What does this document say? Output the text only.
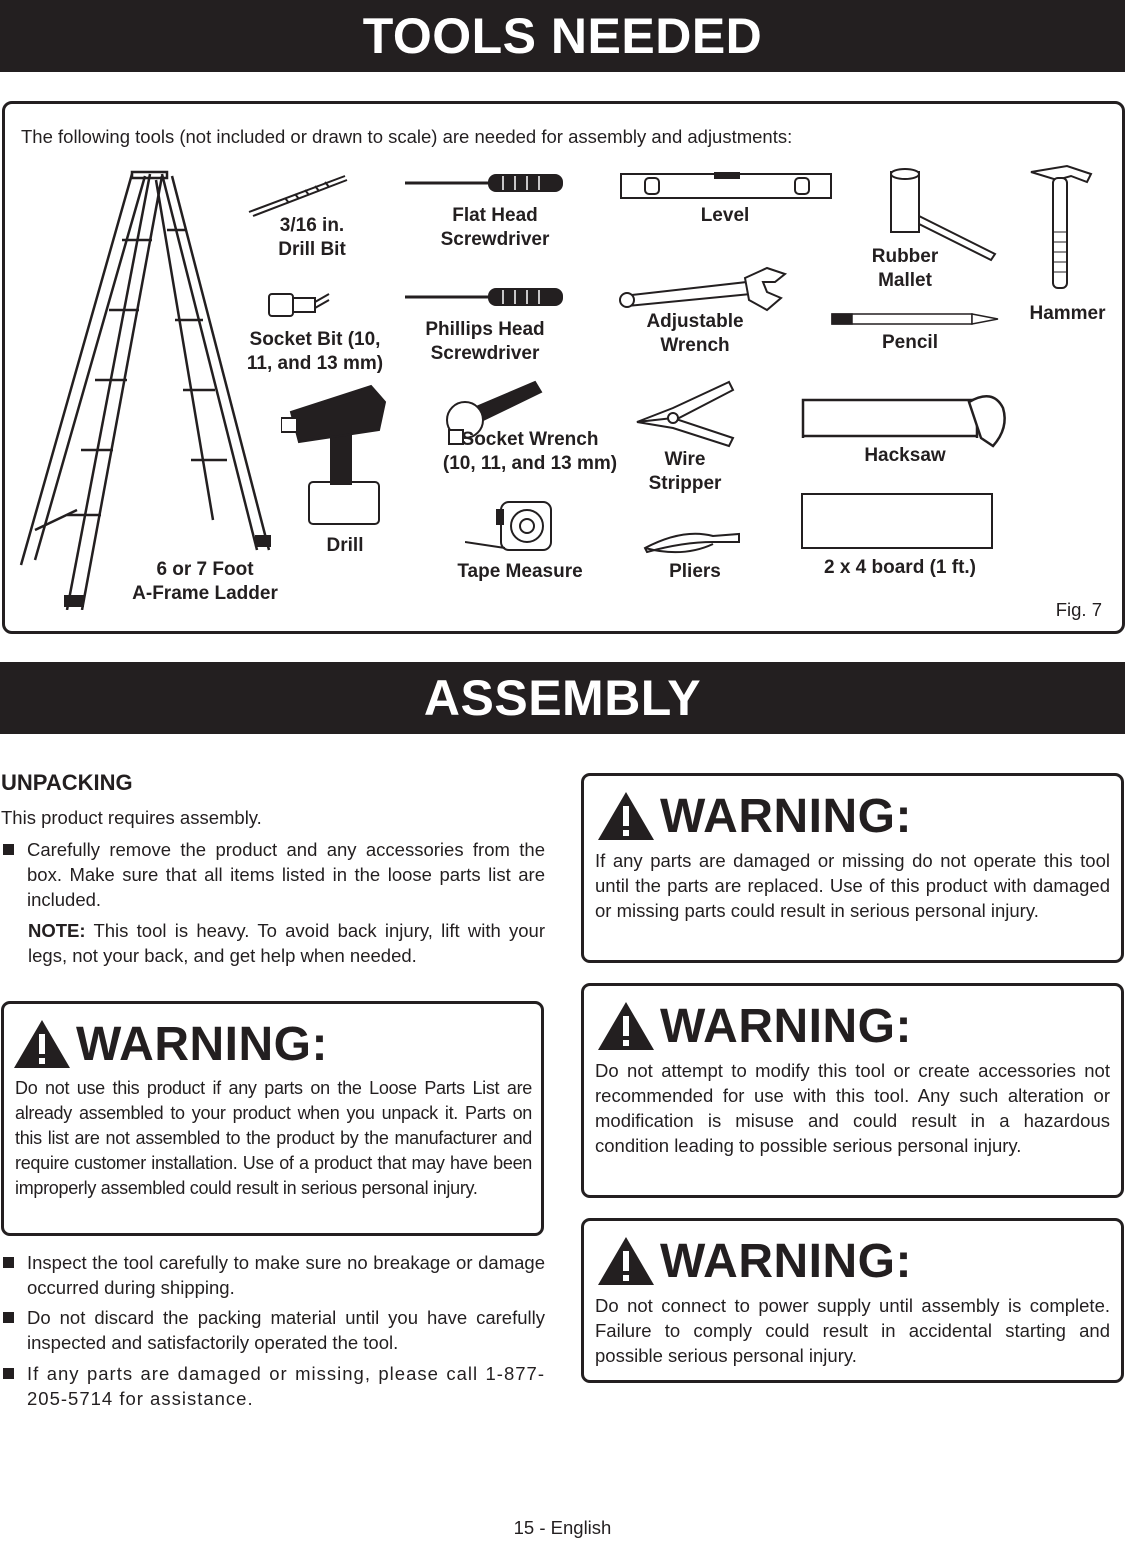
TOOLS NEEDED
The following tools (not included or drawn to scale) are needed for assembly and adjustments:
6 or 7 Foot
A-Frame Ladder
3/16 in.
Drill Bit
Socket Bit (10,
11, and 13 mm)
Drill
Flat Head
Screwdriver
Phillips Head
Screwdriver
Socket Wrench
(10, 11, and 13 mm)
Tape Measure
Level
Adjustable
Wrench
Wire
Stripper
Pliers
Rubber
Mallet
Pencil
Hacksaw
2 x 4 board (1 ft.)
Hammer
Fig. 7
ASSEMBLY
UNPACKING
This product requires assembly.
Carefully remove the product and any accessories from the box. Make sure that all items listed in the loose parts list are included.
NOTE: This tool is heavy. To avoid back injury, lift with your legs, not your back, and get help when needed.
WARNING:
Do not use this product if any parts on the Loose Parts List are already assembled to your product when you unpack it. Parts on this list are not assembled to the product by the manufacturer and require customer installation. Use of a product that may have been improperly assembled could result in serious personal injury.
Inspect the tool carefully to make sure no breakage or damage occurred during shipping.
Do not discard the packing material until you have carefully inspected and satisfactorily operated the tool.
If any parts are damaged or missing, please call 1-877-205-5714 for assistance.
WARNING:
If any parts are damaged or missing do not operate this tool until the parts are replaced. Use of this product with damaged or missing parts could result in serious personal injury.
WARNING:
Do not attempt to modify this tool or create accessories not recommended for use with this tool. Any such alteration or modification is misuse and could result in a hazardous condition leading to possible serious personal injury.
WARNING:
Do not connect to power supply until assembly is complete. Failure to comply could result in accidental starting and possible serious personal injury.
15 - English
